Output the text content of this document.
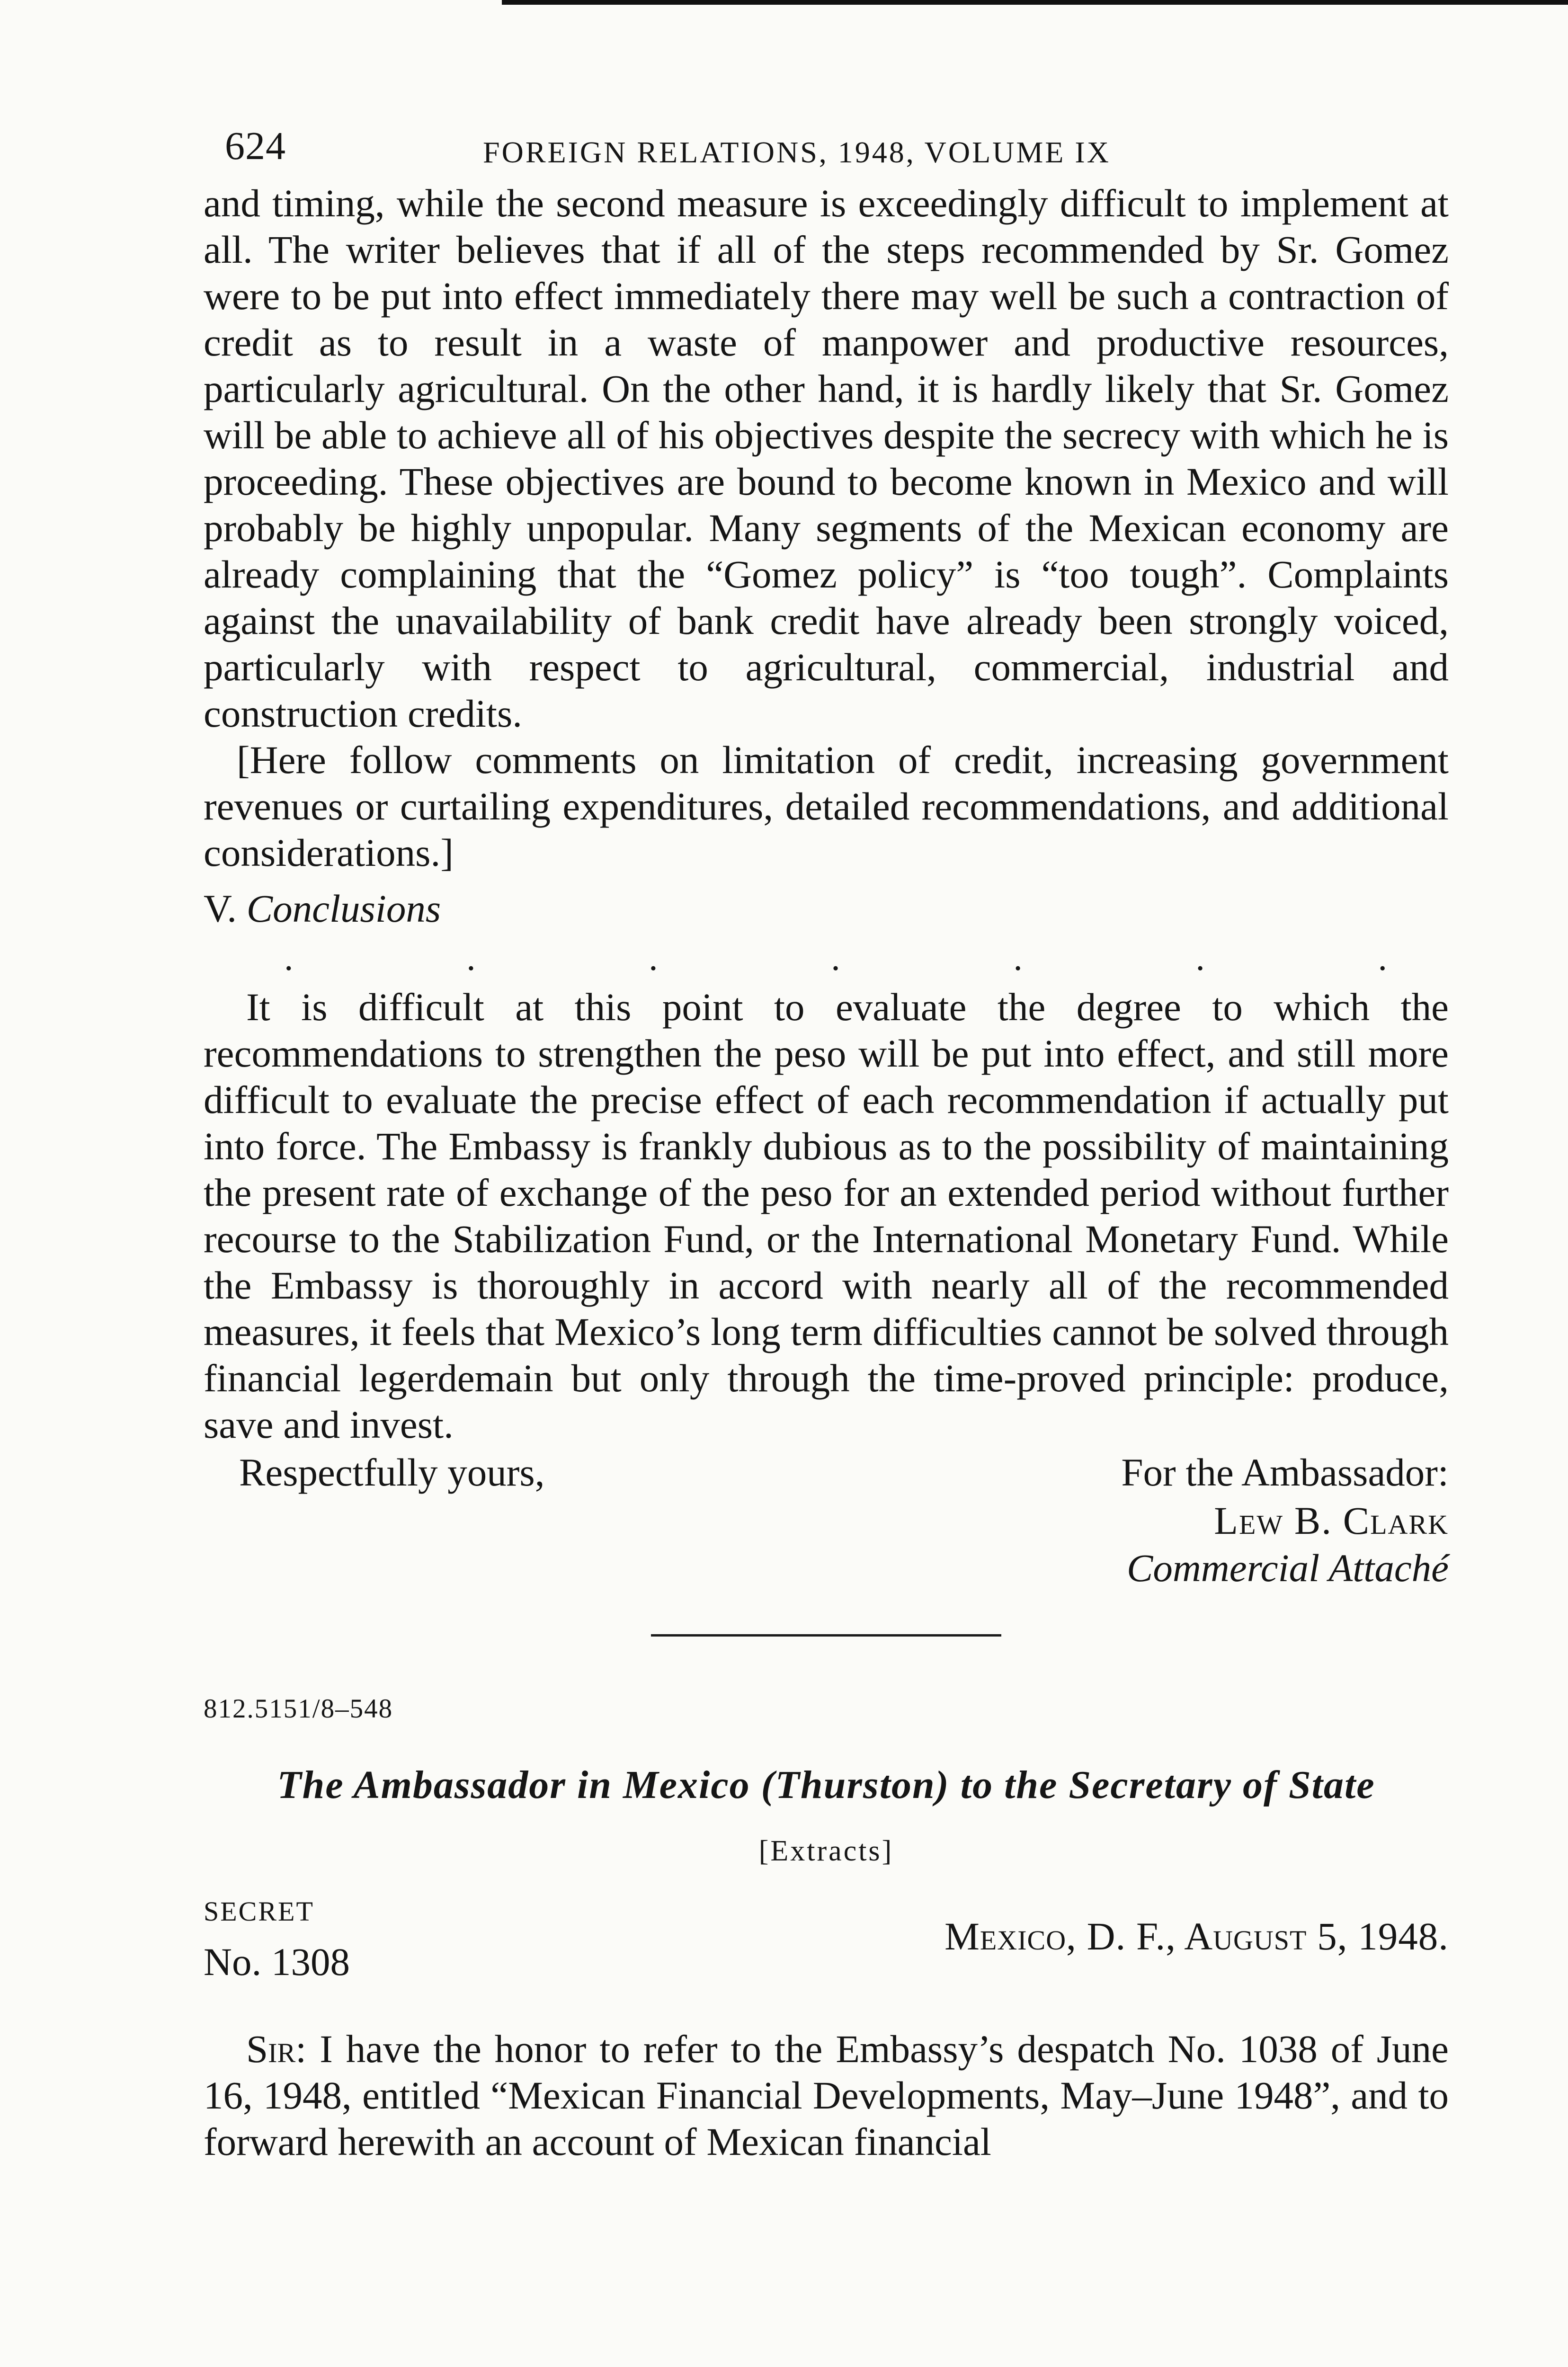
624	FOREIGN RELATIONS, 1948, VOLUME IX

and timing, while the second measure is exceedingly difficult to implement at all. The writer believes that if all of the steps recommended by Sr. Gomez were to be put into effect immediately there may well be such a contraction of credit as to result in a waste of manpower and productive resources, particularly agricultural. On the other hand, it is hardly likely that Sr. Gomez will be able to achieve all of his objectives despite the secrecy with which he is proceeding. These objectives are bound to become known in Mexico and will probably be highly unpopular. Many segments of the Mexican economy are already complaining that the “Gomez policy” is “too tough”. Complaints against the unavailability of bank credit have already been strongly voiced, particularly with respect to agricultural, commercial, industrial and construction credits.

[Here follow comments on limitation of credit, increasing government revenues or curtailing expenditures, detailed recommendations, and additional considerations.]

V. Conclusions
.	.	.	.	.	.	.

It is difficult at this point to evaluate the degree to which the recommendations to strengthen the peso will be put into effect, and still more difficult to evaluate the precise effect of each recommendation if actually put into force. The Embassy is frankly dubious as to the possibility of maintaining the present rate of exchange of the peso for an extended period without further recourse to the Stabilization Fund, or the International Monetary Fund. While the Embassy is thoroughly in accord with nearly all of the recommended measures, it feels that Mexico’s long term difficulties cannot be solved through financial legerdemain but only through the time-proved principle: produce, save and invest.

Respectfully yours,	For the Ambassador:
Lew B. Clark
Commercial Attaché
812.5151/8–548
The Ambassador in Mexico (Thurston) to the Secretary of State
[Extracts]
SECRET
No. 1308
Mexico, D. F., August 5, 1948.

Sir: I have the honor to refer to the Embassy’s despatch No. 1038 of June 16, 1948, entitled “Mexican Financial Developments, May–June 1948”, and to forward herewith an account of Mexican financial
